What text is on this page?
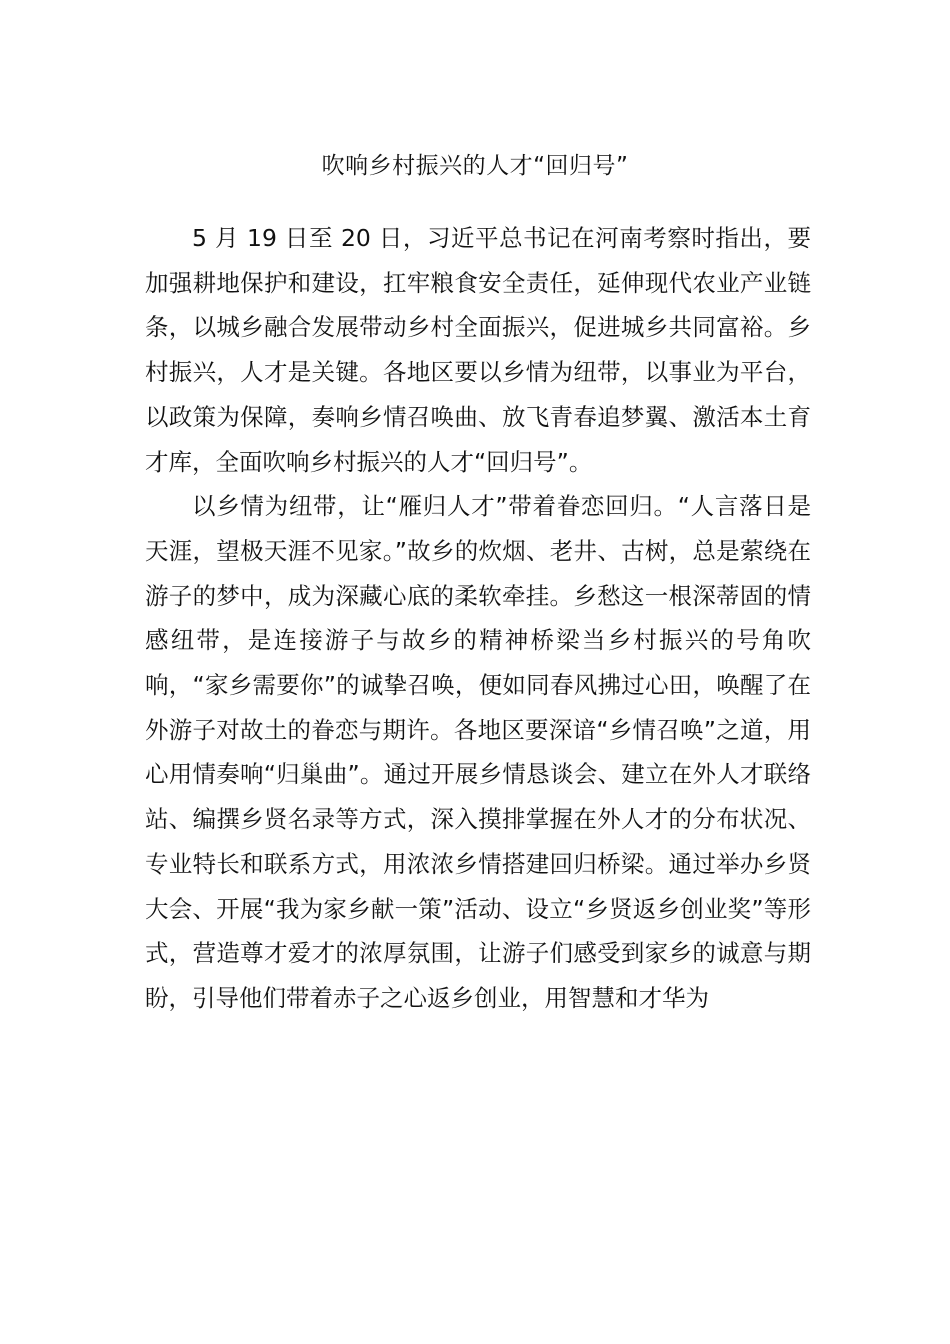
吹响乡村振兴的人才“回归号”

5 月 19 日至 20 日，习近平总书记在河南考察时指出，要加强耕地保护和建设，扛牢粮食安全责任，延伸现代农业产业链条，以城乡融合发展带动乡村全面振兴，促进城乡共同富裕。乡村振兴，人才是关键。各地区要以乡情为纽带，以事业为平台，以政策为保障，奏响乡情召唤曲、放飞青春追梦翼、激活本土育才库，全面吹响乡村振兴的人才“回归号”。

以乡情为纽带，让“雁归人才”带着眷恋回归。“人言落日是天涯，望极天涯不见家。”故乡的炊烟、老井、古树，总是萦绕在游子的梦中，成为深藏心底的柔软牵挂。乡愁这一根深蒂固的情感纽带，是连接游子与故乡的精神桥梁当乡村振兴的号角吹响，“家乡需要你”的诚挚召唤，便如同春风拂过心田，唤醒了在外游子对故土的眷恋与期许。各地区要深谙“乡情召唤”之道，用心用情奏响“归巢曲”。通过开展乡情恳谈会、建立在外人才联络站、编撰乡贤名录等方式，深入摸排掌握在外人才的分布状况、专业特长和联系方式，用浓浓乡情搭建回归桥梁。通过举办乡贤大会、开展“我为家乡献一策”活动、设立“乡贤返乡创业奖”等形式，营造尊才爱才的浓厚氛围，让游子们感受到家乡的诚意与期盼，引导他们带着赤子之心返乡创业，用智慧和才华为
